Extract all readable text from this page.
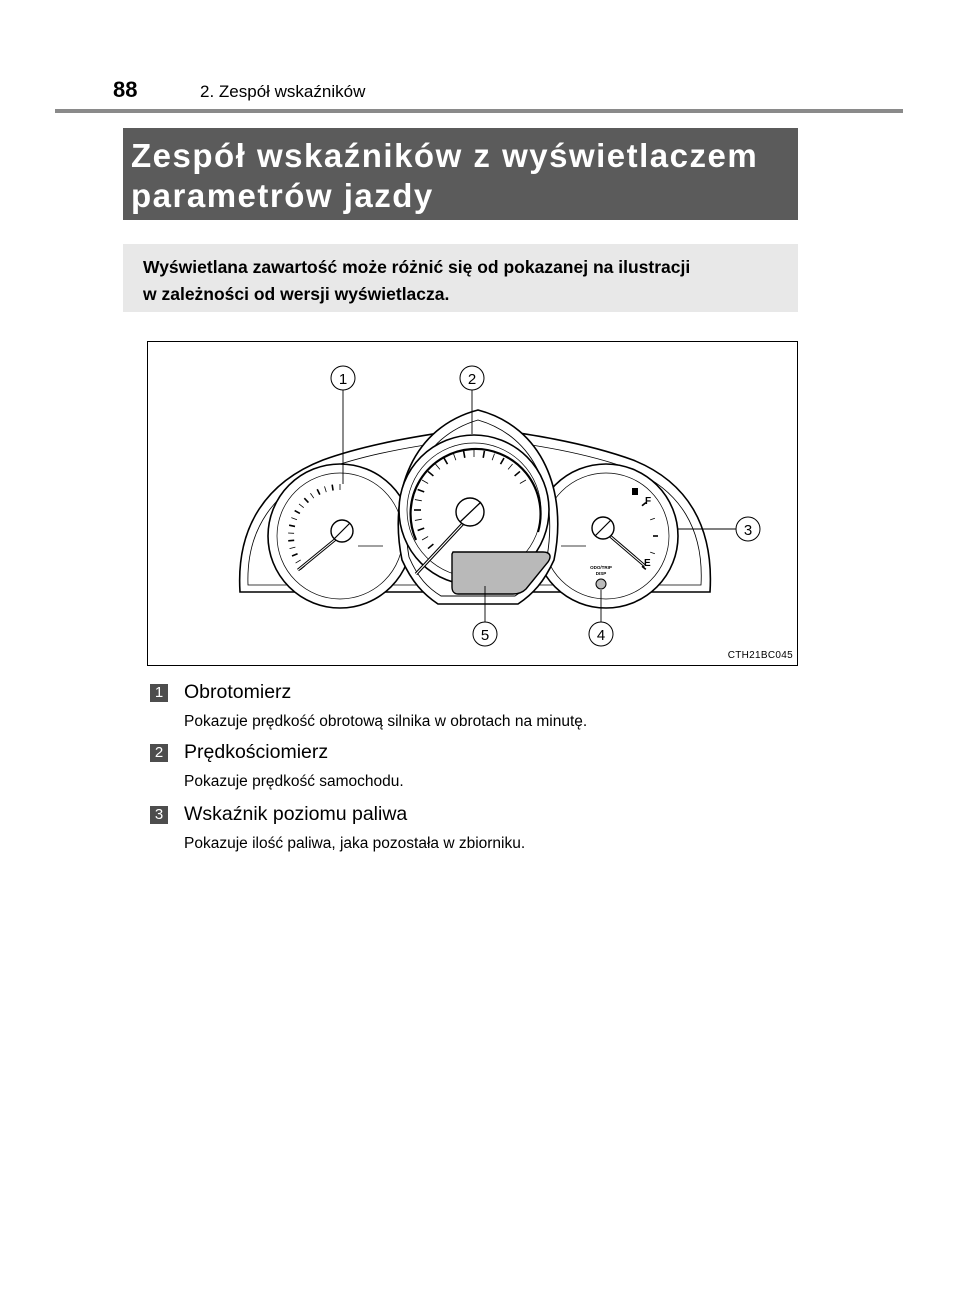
88	2. Zespół wskaźników
Zespół wskaźników z wyświetlaczem
parametrów jazdy
Wyświetlana zawartość może różnić się od pokazanej na ilustracji
w zależności od wersji wyświetlacza.
F
E
ODO/TRIP
DISP
1	2
3
4
5
CTH21BC045
1 Obrotomierz
Pokazuje prędkość obrotową silnika w obrotach na minutę.
2 Prędkościomierz
Pokazuje prędkość samochodu.
3 Wskaźnik poziomu paliwa
Pokazuje ilość paliwa, jaka pozostała w zbiorniku.
